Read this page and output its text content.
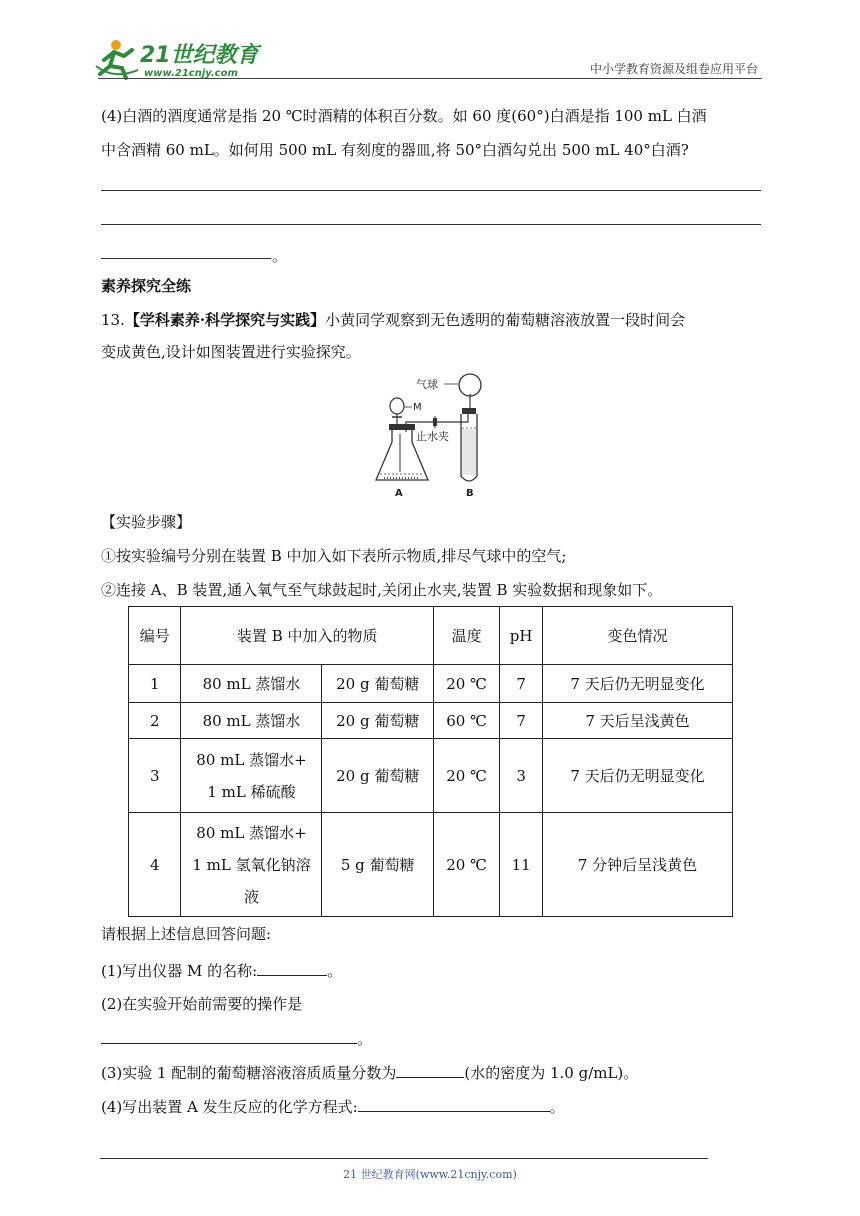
21世纪教育
www.21cnjy.com	中小学教育资源及组卷应用平台
(4)白酒的酒度通常是指 20 ℃时酒精的体积百分数。如 60 度(60°)白酒是指 100 mL 白酒
中含酒精 60 mL。如何用 500 mL 有刻度的器皿,将 50°白酒勾兑出 500 mL 40°白酒?
。
素养探究全练
13.【学科素养·科学探究与实践】小黄同学观察到无色透明的葡萄糖溶液放置一段时间会
变成黄色,设计如图装置进行实验探究。
M
止水夹
气球
A	B
【实验步骤】
①按实验编号分别在装置 B 中加入如下表所示物质,排尽气球中的空气;
②连接 A、B 装置,通入氧气至气球鼓起时,关闭止水夹,装置 B 实验数据和现象如下。
编号	装置 B 中加入的物质		温度	pH	变色情况
1	80 mL 蒸馏水	20 g 葡萄糖	20 ℃	7	7 天后仍无明显变化
2	80 mL 蒸馏水	20 g 葡萄糖	60 ℃	7	7 天后呈浅黄色
3	80 mL 蒸馏水+
1 mL 稀硫酸	20 g 葡萄糖	20 ℃	3	7 天后仍无明显变化
4	80 mL 蒸馏水+
1 mL 氢氧化钠溶
液	5 g 葡萄糖	20 ℃	11	7 分钟后呈浅黄色
请根据上述信息回答问题:
(1)写出仪器 M 的名称:	。
(2)在实验开始前需要的操作是
。
(3)实验 1 配制的葡萄糖溶液溶质质量分数为	(水的密度为 1.0 g/mL)。
(4)写出装置 A 发生反应的化学方程式:	。
21 世纪教育网(www.21cnjy.com)
